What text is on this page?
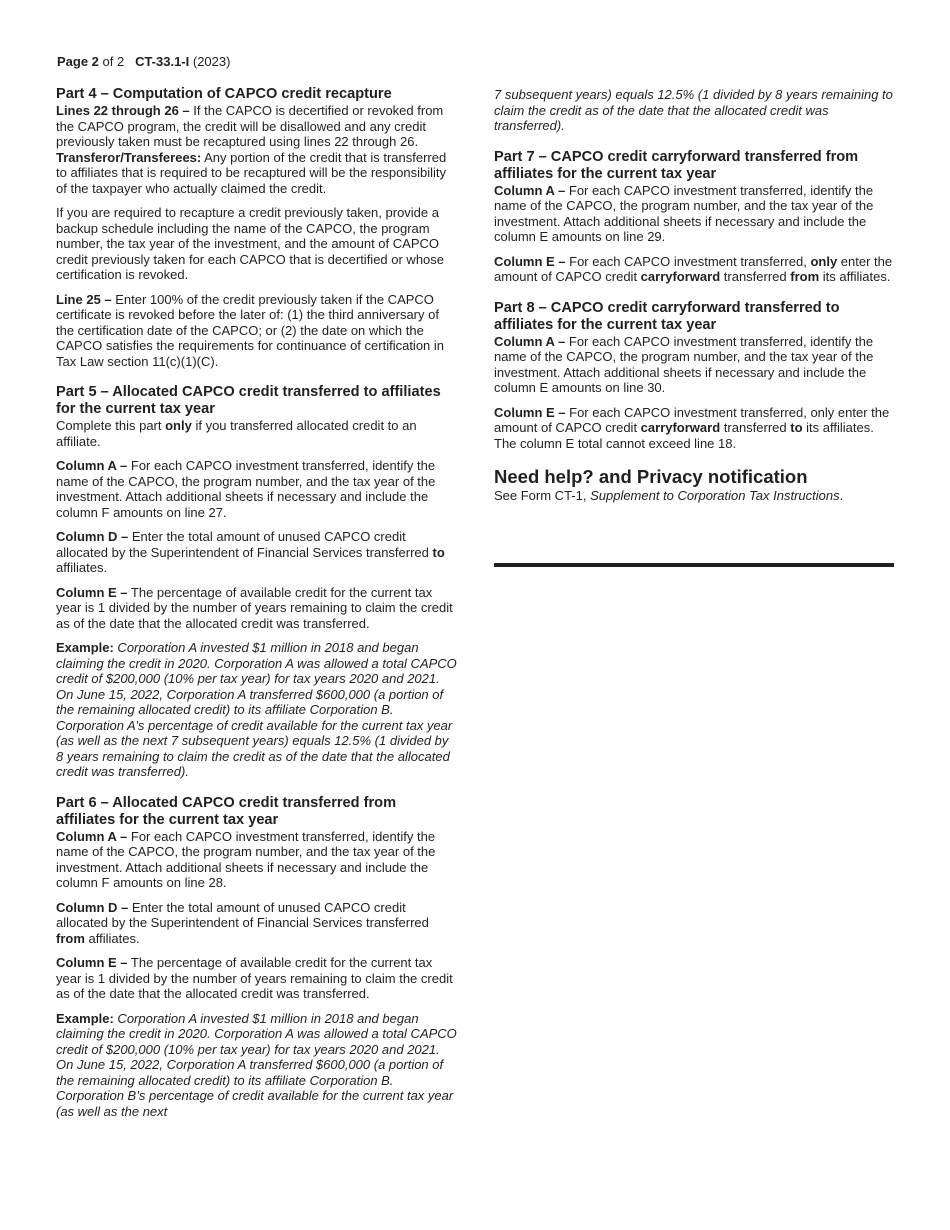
Page 2 of 2 CT-33.1-I (2023)
Part 4 – Computation of CAPCO credit recapture

Lines 22 through 26 – If the CAPCO is decertified or revoked from the CAPCO program, the credit will be disallowed and any credit previously taken must be recaptured using lines 22 through 26. Transferor/Transferees: Any portion of the credit that is transferred to affiliates that is required to be recaptured will be the responsibility of the taxpayer who actually claimed the credit.

If you are required to recapture a credit previously taken, provide a backup schedule including the name of the CAPCO, the program number, the tax year of the investment, and the amount of CAPCO credit previously taken for each CAPCO that is decertified or whose certification is revoked.

Line 25 – Enter 100% of the credit previously taken if the CAPCO certificate is revoked before the later of: (1) the third anniversary of the certification date of the CAPCO; or (2) the date on which the CAPCO satisfies the requirements for continuance of certification in Tax Law section 11(c)(1)(C).

Part 5 – Allocated CAPCO credit transferred to affiliates for the current tax year

Complete this part only if you transferred allocated credit to an affiliate.

Column A – For each CAPCO investment transferred, identify the name of the CAPCO, the program number, and the tax year of the investment. Attach additional sheets if necessary and include the column F amounts on line 27.

Column D – Enter the total amount of unused CAPCO credit allocated by the Superintendent of Financial Services transferred to affiliates.

Column E – The percentage of available credit for the current tax year is 1 divided by the number of years remaining to claim the credit as of the date that the allocated credit was transferred.

Example: Corporation A invested $1 million in 2018 and began claiming the credit in 2020. Corporation A was allowed a total CAPCO credit of $200,000 (10% per tax year) for tax years 2020 and 2021. On June 15, 2022, Corporation A transferred $600,000 (a portion of the remaining allocated credit) to its affiliate Corporation B. Corporation A’s percentage of credit available for the current tax year (as well as the next 7 subsequent years) equals 12.5% (1 divided by 8 years remaining to claim the credit as of the date that the allocated credit was transferred).

Part 6 – Allocated CAPCO credit transferred from affiliates for the current tax year

Column A – For each CAPCO investment transferred, identify the name of the CAPCO, the program number, and the tax year of the investment. Attach additional sheets if necessary and include the column F amounts on line 28.

Column D – Enter the total amount of unused CAPCO credit allocated by the Superintendent of Financial Services transferred from affiliates.

Column E – The percentage of available credit for the current tax year is 1 divided by the number of years remaining to claim the credit as of the date that the allocated credit was transferred.

Example: Corporation A invested $1 million in 2018 and began claiming the credit in 2020. Corporation A was allowed a total CAPCO credit of $200,000 (10% per tax year) for tax years 2020 and 2021. On June 15, 2022, Corporation A transferred $600,000 (a portion of the remaining allocated credit) to its affiliate Corporation B. Corporation B’s percentage of credit available for the current tax year (as well as the next

7 subsequent years) equals 12.5% (1 divided by 8 years remaining to claim the credit as of the date that the allocated credit was transferred).

Part 7 – CAPCO credit carryforward transferred from affiliates for the current tax year

Column A – For each CAPCO investment transferred, identify the name of the CAPCO, the program number, and the tax year of the investment. Attach additional sheets if necessary and include the column E amounts on line 29.

Column E – For each CAPCO investment transferred, only enter the amount of CAPCO credit carryforward transferred from its affiliates.

Part 8 – CAPCO credit carryforward transferred to affiliates for the current tax year

Column A – For each CAPCO investment transferred, identify the name of the CAPCO, the program number, and the tax year of the investment. Attach additional sheets if necessary and include the column E amounts on line 30.

Column E – For each CAPCO investment transferred, only enter the amount of CAPCO credit carryforward transferred to its affiliates. The column E total cannot exceed line 18.

Need help? and Privacy notification

See Form CT-1, Supplement to Corporation Tax Instructions.
